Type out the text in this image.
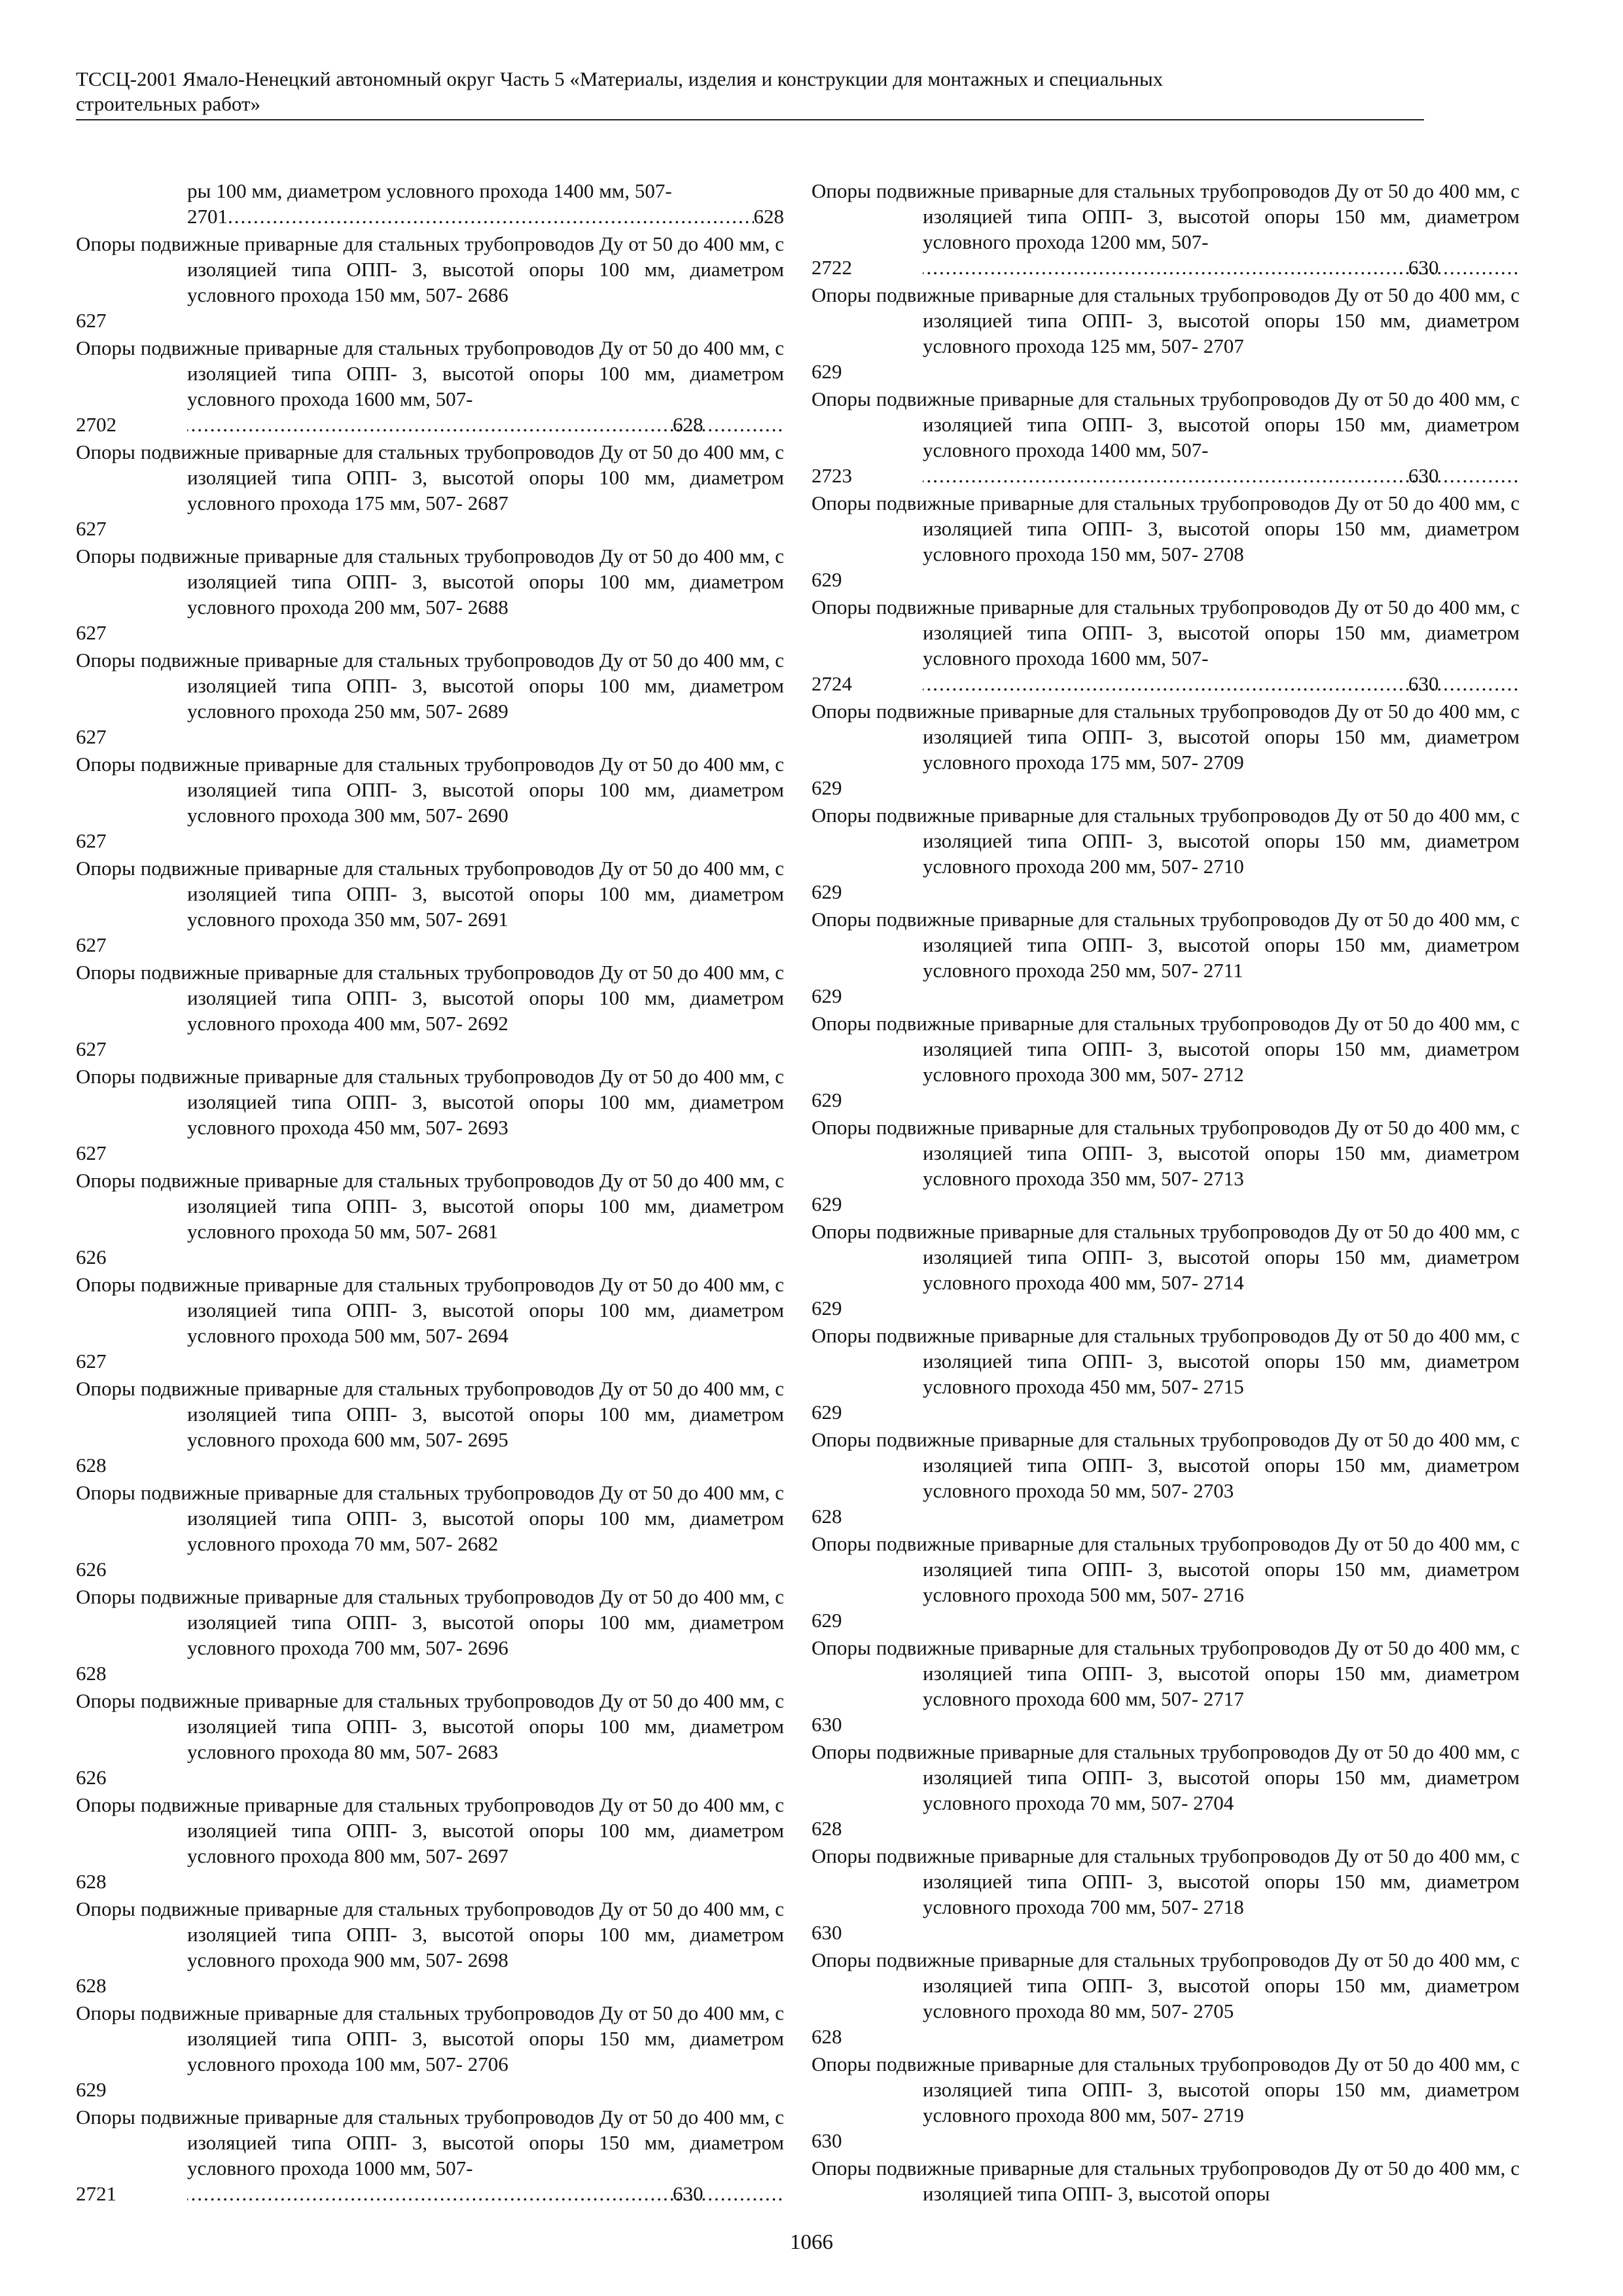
ТССЦ-2001 Ямало-Ненецкий автономный округ Часть 5 «Материалы, изделия и конструкции для монтажных и специальных
строительных работ»
ры 100 мм, диаметром условного прохода 1400 мм, 507-
2701 .....	628
Опоры подвижные приварные для стальных трубопроводов Ду от 50 до 400 мм, с изоляцией типа ОПП- 3, высотой опоры 100 мм, диаметром условного прохода 150 мм, 507- 2686
627
Опоры подвижные приварные для стальных трубопроводов Ду от 50 до 400 мм, с изоляцией типа ОПП- 3, высотой опоры 100 мм, диаметром условного прохода 1600 мм, 507-
2702 .....	628
Опоры подвижные приварные для стальных трубопроводов Ду от 50 до 400 мм, с изоляцией типа ОПП- 3, высотой опоры 100 мм, диаметром условного прохода 175 мм, 507- 2687
627
Опоры подвижные приварные для стальных трубопроводов Ду от 50 до 400 мм, с изоляцией типа ОПП- 3, высотой опоры 100 мм, диаметром условного прохода 200 мм, 507- 2688
627
Опоры подвижные приварные для стальных трубопроводов Ду от 50 до 400 мм, с изоляцией типа ОПП- 3, высотой опоры 100 мм, диаметром условного прохода 250 мм, 507- 2689
627
Опоры подвижные приварные для стальных трубопроводов Ду от 50 до 400 мм, с изоляцией типа ОПП- 3, высотой опоры 100 мм, диаметром условного прохода 300 мм, 507- 2690
627
Опоры подвижные приварные для стальных трубопроводов Ду от 50 до 400 мм, с изоляцией типа ОПП- 3, высотой опоры 100 мм, диаметром условного прохода 350 мм, 507- 2691
627
Опоры подвижные приварные для стальных трубопроводов Ду от 50 до 400 мм, с изоляцией типа ОПП- 3, высотой опоры 100 мм, диаметром условного прохода 400 мм, 507- 2692
627
Опоры подвижные приварные для стальных трубопроводов Ду от 50 до 400 мм, с изоляцией типа ОПП- 3, высотой опоры 100 мм, диаметром условного прохода 450 мм, 507- 2693
627
Опоры подвижные приварные для стальных трубопроводов Ду от 50 до 400 мм, с изоляцией типа ОПП- 3, высотой опоры 100 мм, диаметром условного прохода 50 мм, 507- 2681
626
Опоры подвижные приварные для стальных трубопроводов Ду от 50 до 400 мм, с изоляцией типа ОПП- 3, высотой опоры 100 мм, диаметром условного прохода 500 мм, 507- 2694
627
Опоры подвижные приварные для стальных трубопроводов Ду от 50 до 400 мм, с изоляцией типа ОПП- 3, высотой опоры 100 мм, диаметром условного прохода 600 мм, 507- 2695
628
Опоры подвижные приварные для стальных трубопроводов Ду от 50 до 400 мм, с изоляцией типа ОПП- 3, высотой опоры 100 мм, диаметром условного прохода 70 мм, 507- 2682
626
Опоры подвижные приварные для стальных трубопроводов Ду от 50 до 400 мм, с изоляцией типа ОПП- 3, высотой опоры 100 мм, диаметром условного прохода 700 мм, 507- 2696
628
Опоры подвижные приварные для стальных трубопроводов Ду от 50 до 400 мм, с изоляцией типа ОПП- 3, высотой опоры 100 мм, диаметром условного прохода 80 мм, 507- 2683
626
Опоры подвижные приварные для стальных трубопроводов Ду от 50 до 400 мм, с изоляцией типа ОПП- 3, высотой опоры 100 мм, диаметром условного прохода 800 мм, 507- 2697
628
Опоры подвижные приварные для стальных трубопроводов Ду от 50 до 400 мм, с изоляцией типа ОПП- 3, высотой опоры 100 мм, диаметром условного прохода 900 мм, 507- 2698
628
Опоры подвижные приварные для стальных трубопроводов Ду от 50 до 400 мм, с изоляцией типа ОПП- 3, высотой опоры 150 мм, диаметром условного прохода 100 мм, 507- 2706
629
Опоры подвижные приварные для стальных трубопроводов Ду от 50 до 400 мм, с изоляцией типа ОПП- 3, высотой опоры 150 мм, диаметром условного прохода 1000 мм, 507-
2721 .....	630
Опоры подвижные приварные для стальных трубопроводов Ду от 50 до 400 мм, с изоляцией типа ОПП- 3, высотой опоры 150 мм, диаметром условного прохода 1200 мм, 507-
2722 .....	630
Опоры подвижные приварные для стальных трубопроводов Ду от 50 до 400 мм, с изоляцией типа ОПП- 3, высотой опоры 150 мм, диаметром условного прохода 125 мм, 507- 2707
629
Опоры подвижные приварные для стальных трубопроводов Ду от 50 до 400 мм, с изоляцией типа ОПП- 3, высотой опоры 150 мм, диаметром условного прохода 1400 мм, 507-
2723 .....	630
Опоры подвижные приварные для стальных трубопроводов Ду от 50 до 400 мм, с изоляцией типа ОПП- 3, высотой опоры 150 мм, диаметром условного прохода 150 мм, 507- 2708
629
Опоры подвижные приварные для стальных трубопроводов Ду от 50 до 400 мм, с изоляцией типа ОПП- 3, высотой опоры 150 мм, диаметром условного прохода 1600 мм, 507-
2724 .....	630
Опоры подвижные приварные для стальных трубопроводов Ду от 50 до 400 мм, с изоляцией типа ОПП- 3, высотой опоры 150 мм, диаметром условного прохода 175 мм, 507- 2709
629
Опоры подвижные приварные для стальных трубопроводов Ду от 50 до 400 мм, с изоляцией типа ОПП- 3, высотой опоры 150 мм, диаметром условного прохода 200 мм, 507- 2710
629
Опоры подвижные приварные для стальных трубопроводов Ду от 50 до 400 мм, с изоляцией типа ОПП- 3, высотой опоры 150 мм, диаметром условного прохода 250 мм, 507- 2711
629
Опоры подвижные приварные для стальных трубопроводов Ду от 50 до 400 мм, с изоляцией типа ОПП- 3, высотой опоры 150 мм, диаметром условного прохода 300 мм, 507- 2712
629
Опоры подвижные приварные для стальных трубопроводов Ду от 50 до 400 мм, с изоляцией типа ОПП- 3, высотой опоры 150 мм, диаметром условного прохода 350 мм, 507- 2713
629
Опоры подвижные приварные для стальных трубопроводов Ду от 50 до 400 мм, с изоляцией типа ОПП- 3, высотой опоры 150 мм, диаметром условного прохода 400 мм, 507- 2714
629
Опоры подвижные приварные для стальных трубопроводов Ду от 50 до 400 мм, с изоляцией типа ОПП- 3, высотой опоры 150 мм, диаметром условного прохода 450 мм, 507- 2715
629
Опоры подвижные приварные для стальных трубопроводов Ду от 50 до 400 мм, с изоляцией типа ОПП- 3, высотой опоры 150 мм, диаметром условного прохода 50 мм, 507- 2703
628
Опоры подвижные приварные для стальных трубопроводов Ду от 50 до 400 мм, с изоляцией типа ОПП- 3, высотой опоры 150 мм, диаметром условного прохода 500 мм, 507- 2716
629
Опоры подвижные приварные для стальных трубопроводов Ду от 50 до 400 мм, с изоляцией типа ОПП- 3, высотой опоры 150 мм, диаметром условного прохода 600 мм, 507- 2717
630
Опоры подвижные приварные для стальных трубопроводов Ду от 50 до 400 мм, с изоляцией типа ОПП- 3, высотой опоры 150 мм, диаметром условного прохода 70 мм, 507- 2704
628
Опоры подвижные приварные для стальных трубопроводов Ду от 50 до 400 мм, с изоляцией типа ОПП- 3, высотой опоры 150 мм, диаметром условного прохода 700 мм, 507- 2718
630
Опоры подвижные приварные для стальных трубопроводов Ду от 50 до 400 мм, с изоляцией типа ОПП- 3, высотой опоры 150 мм, диаметром условного прохода 80 мм, 507- 2705
628
Опоры подвижные приварные для стальных трубопроводов Ду от 50 до 400 мм, с изоляцией типа ОПП- 3, высотой опоры 150 мм, диаметром условного прохода 800 мм, 507- 2719
630
Опоры подвижные приварные для стальных трубопроводов Ду от 50 до 400 мм, с изоляцией типа ОПП- 3, высотой опоры
1066
